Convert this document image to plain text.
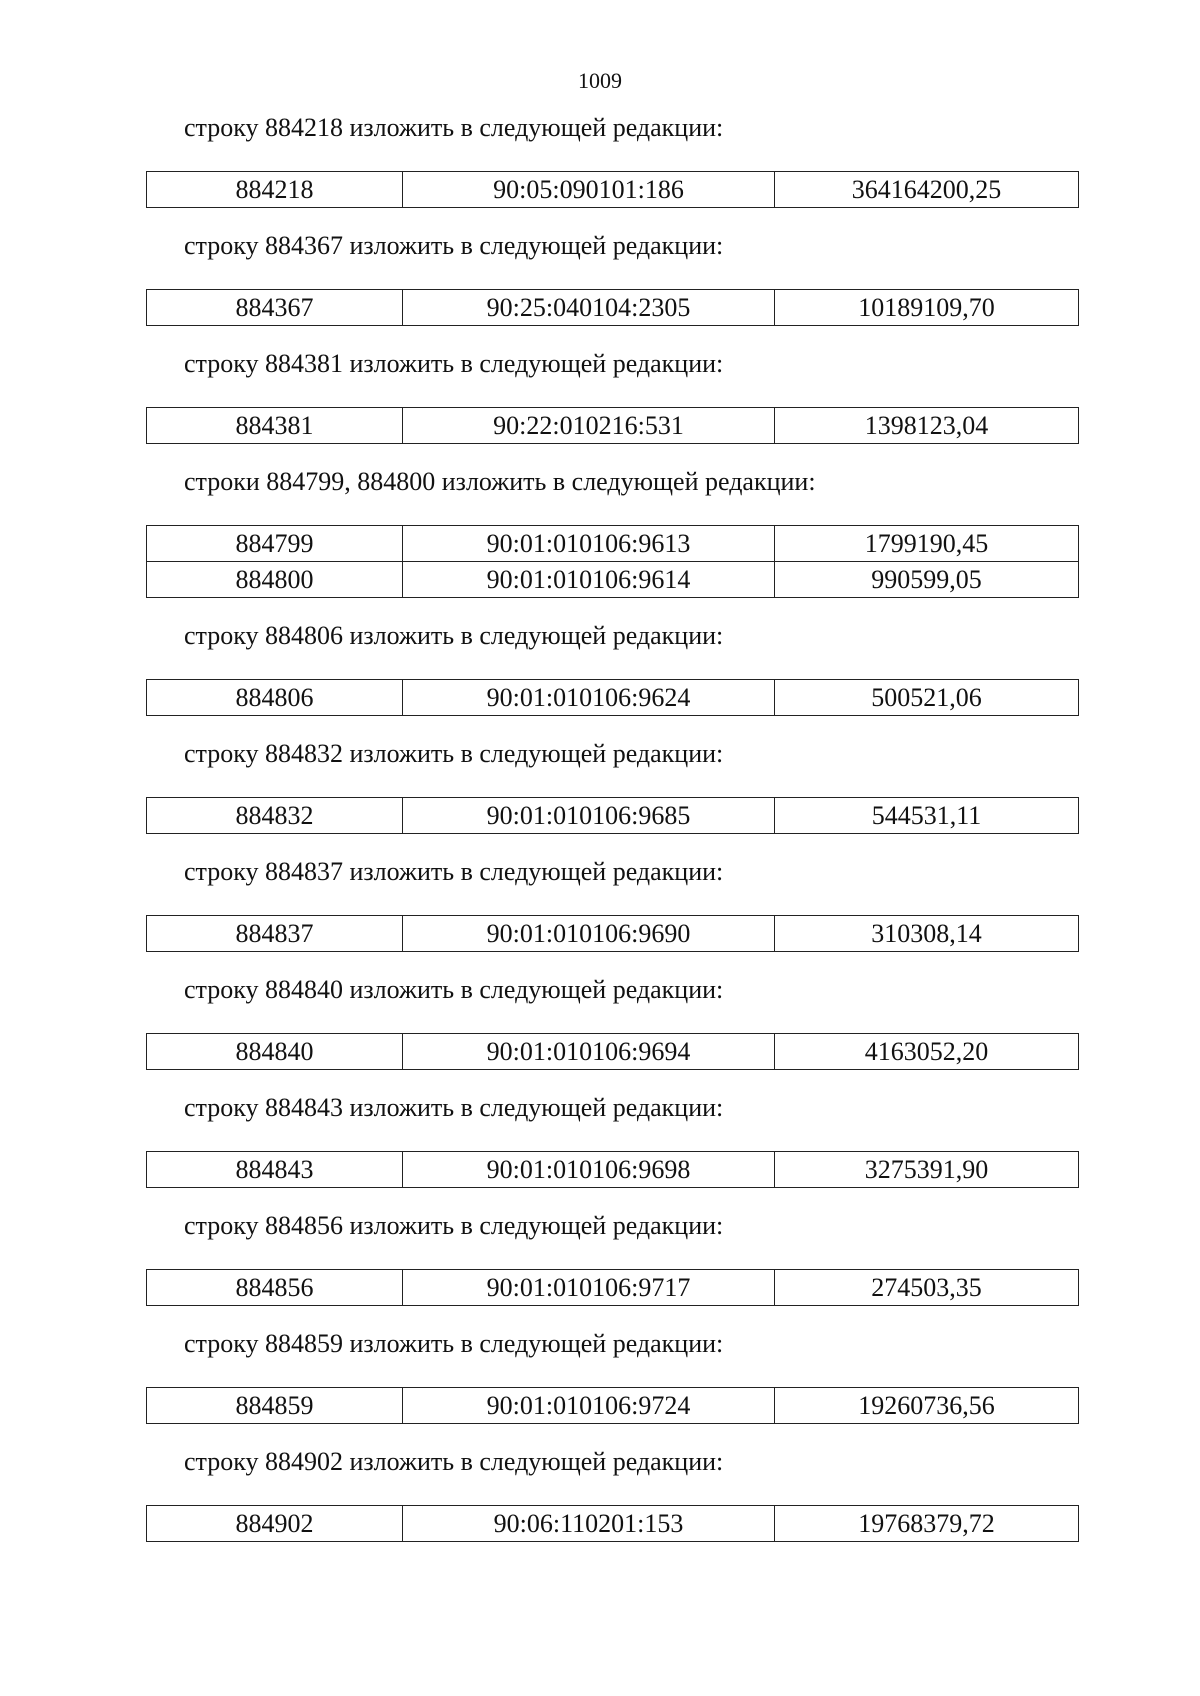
1009
строку 884218 изложить в следующей редакции:
884218	90:05:090101:186	364164200,25
строку 884367 изложить в следующей редакции:
884367	90:25:040104:2305	10189109,70
строку 884381 изложить в следующей редакции:
884381	90:22:010216:531	1398123,04
строки 884799, 884800 изложить в следующей редакции:
884799	90:01:010106:9613	1799190,45
884800	90:01:010106:9614	990599,05
строку 884806 изложить в следующей редакции:
884806	90:01:010106:9624	500521,06
строку 884832 изложить в следующей редакции:
884832	90:01:010106:9685	544531,11
строку 884837 изложить в следующей редакции:
884837	90:01:010106:9690	310308,14
строку 884840 изложить в следующей редакции:
884840	90:01:010106:9694	4163052,20
строку 884843 изложить в следующей редакции:
884843	90:01:010106:9698	3275391,90
строку 884856 изложить в следующей редакции:
884856	90:01:010106:9717	274503,35
строку 884859 изложить в следующей редакции:
884859	90:01:010106:9724	19260736,56
строку 884902 изложить в следующей редакции:
884902	90:06:110201:153	19768379,72
